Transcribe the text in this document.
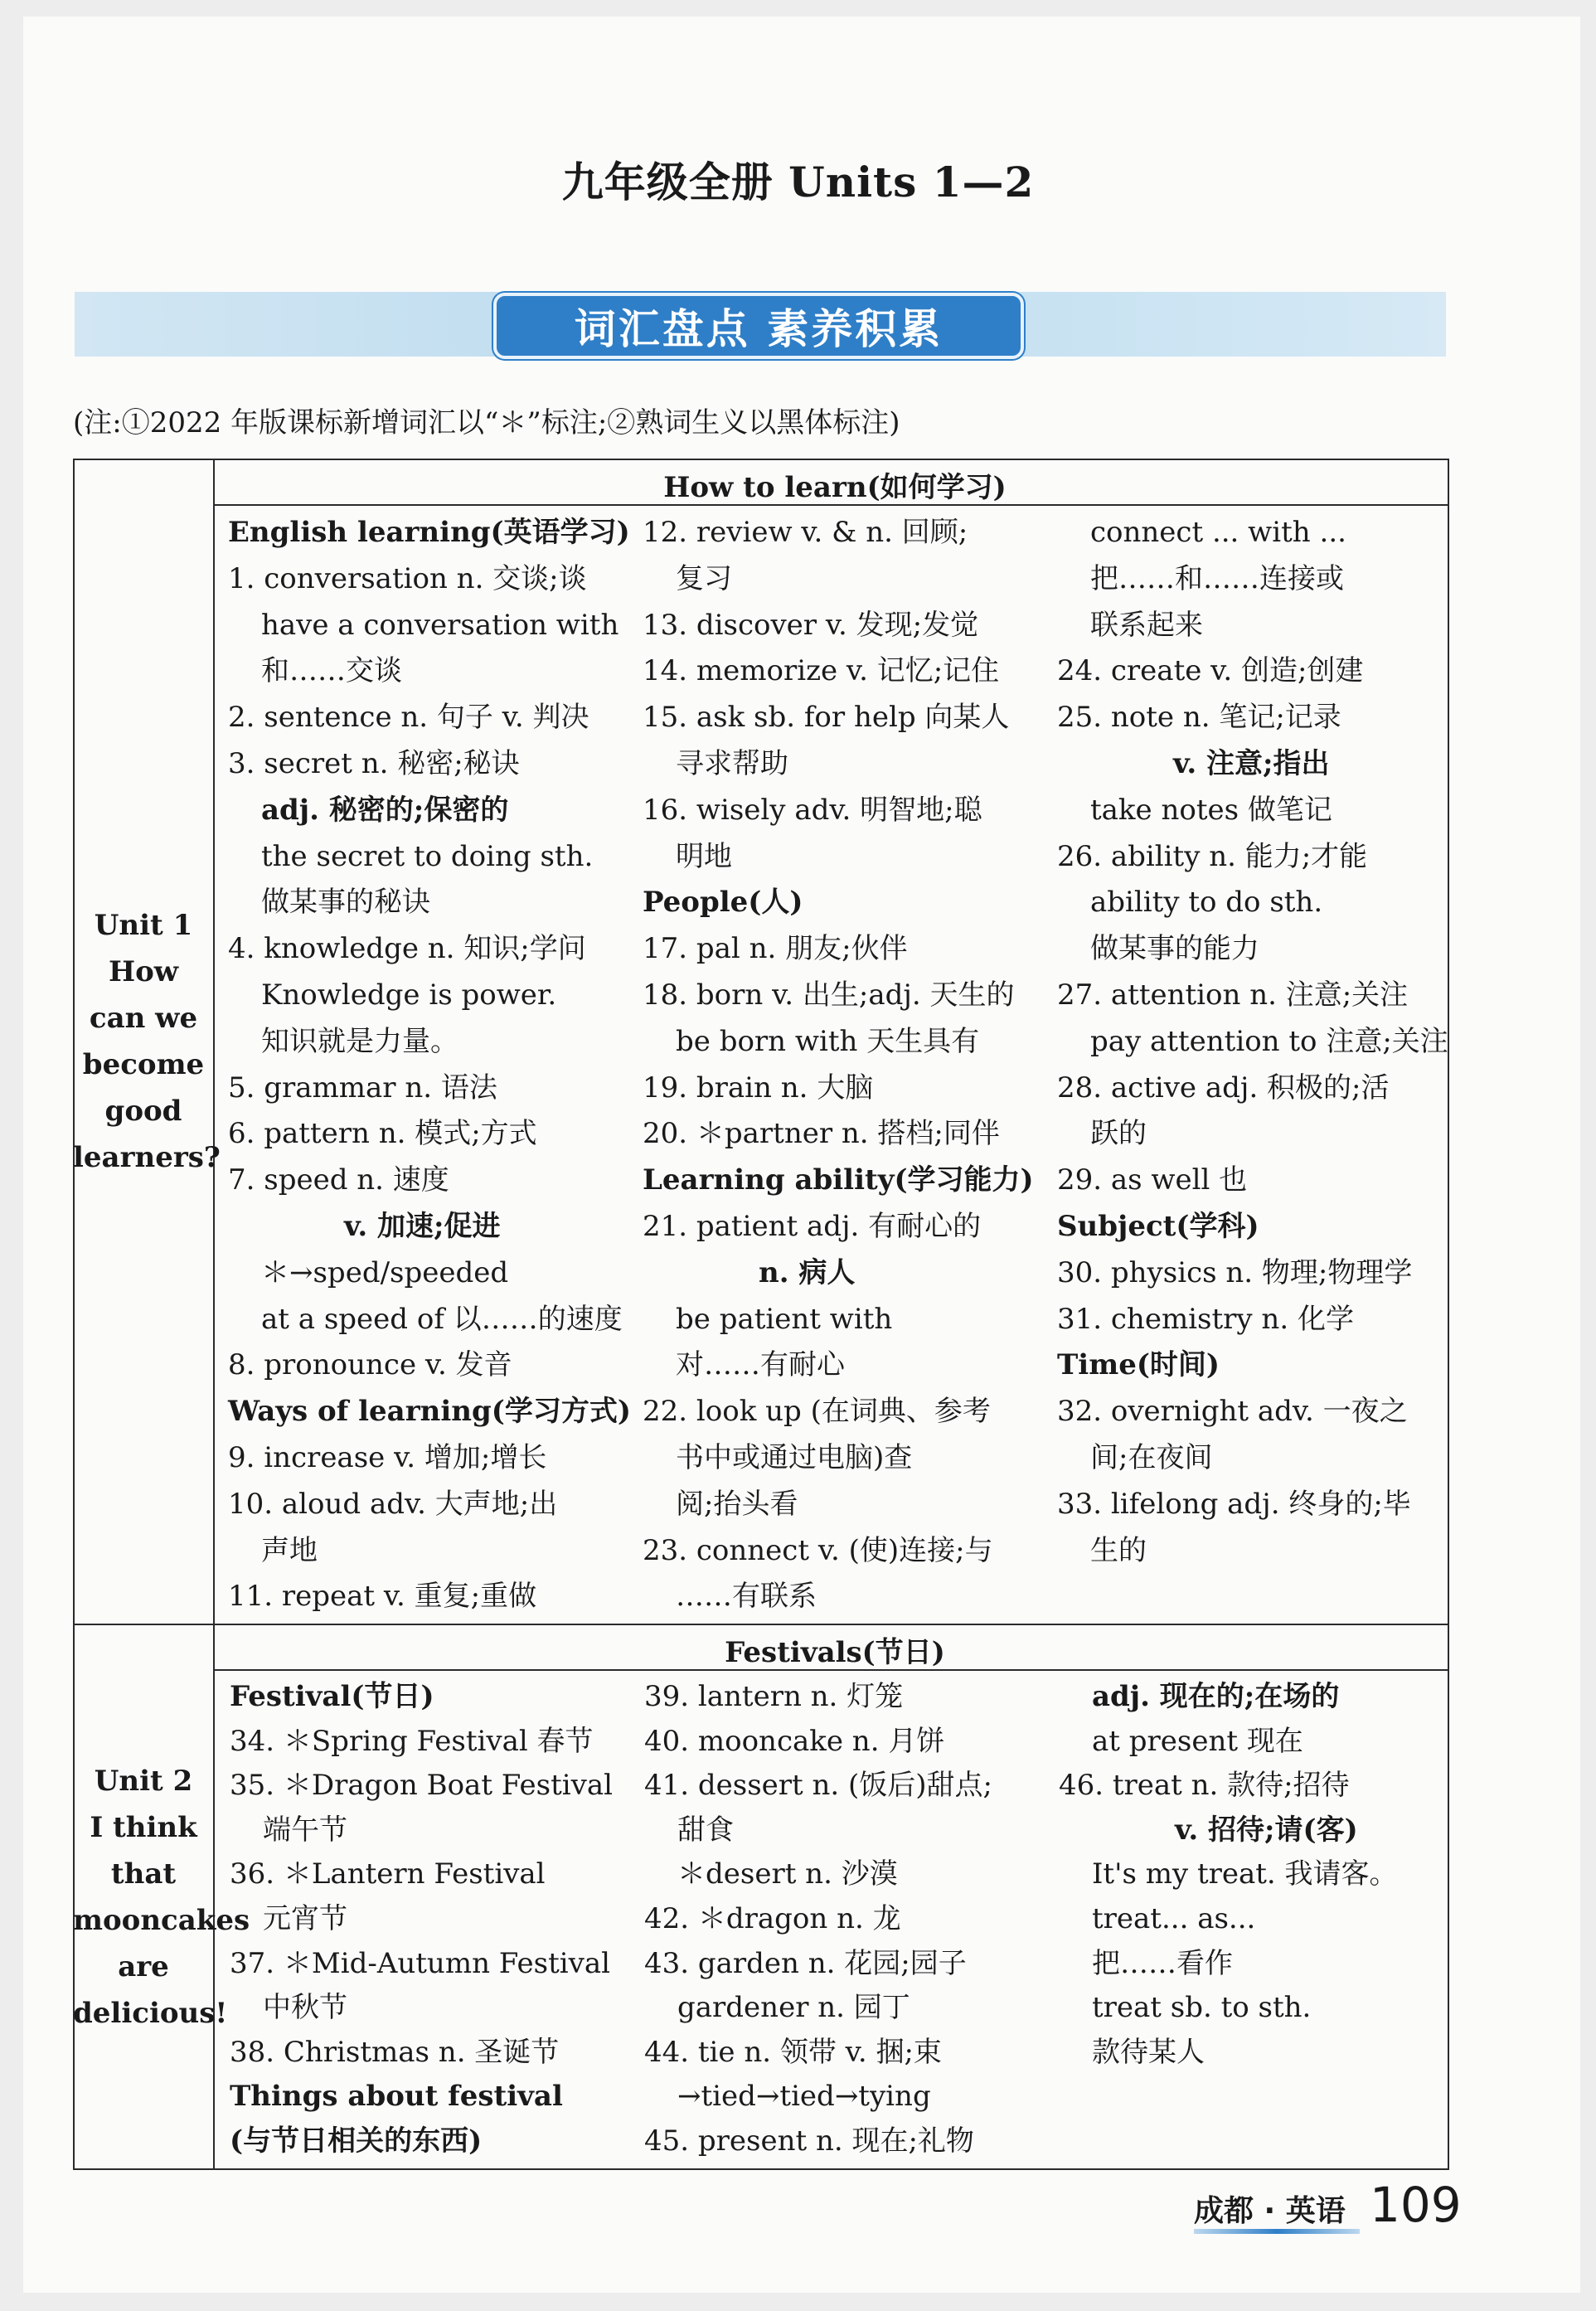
九年级全册 Units 1—2
词汇盘点 素养积累
(注:①2022 年版课标新增词汇以“＊”标注;②熟词生义以黑体标注)
Unit 1
How
can we
become
good
learners?
How to learn(如何学习)
English learning(英语学习)
1. conversation n. 交谈;谈
have a conversation with
和……交谈
2. sentence n. 句子 v. 判决
3. secret n. 秘密;秘诀
adj. 秘密的;保密的
the secret to doing sth.
做某事的秘诀
4. knowledge n. 知识;学问
Knowledge is power.
知识就是力量。
5. grammar n. 语法
6. pattern n. 模式;方式
7. speed n. 速度
v. 加速;促进
＊→sped/speeded
at a speed of 以……的速度
8. pronounce v. 发音
Ways of learning(学习方式)
9. increase v. 增加;增长
10. aloud adv. 大声地;出
声地
11. repeat v. 重复;重做
12. review v. & n. 回顾;
复习
13. discover v. 发现;发觉
14. memorize v. 记忆;记住
15. ask sb. for help 向某人
寻求帮助
16. wisely adv. 明智地;聪
明地
People(人)
17. pal n. 朋友;伙伴
18. born v. 出生;adj. 天生的
be born with 天生具有
19. brain n. 大脑
20. ＊partner n. 搭档;同伴
Learning ability(学习能力)
21. patient adj. 有耐心的
n. 病人
be patient with
对……有耐心
22. look up (在词典、参考
书中或通过电脑)查
阅;抬头看
23. connect v. (使)连接;与
……有联系
connect ... with ...
把……和……连接或
联系起来
24. create v. 创造;创建
25. note n. 笔记;记录
v. 注意;指出
take notes 做笔记
26. ability n. 能力;才能
ability to do sth.
做某事的能力
27. attention n. 注意;关注
pay attention to 注意;关注
28. active adj. 积极的;活
跃的
29. as well 也
Subject(学科)
30. physics n. 物理;物理学
31. chemistry n. 化学
Time(时间)
32. overnight adv. 一夜之
间;在夜间
33. lifelong adj. 终身的;毕
生的
Unit 2
I think
that
mooncakes
are
delicious!
Festivals(节日)
Festival(节日)
34. ＊Spring Festival 春节
35. ＊Dragon Boat Festival
端午节
36. ＊Lantern Festival
元宵节
37. ＊Mid-Autumn Festival
中秋节
38. Christmas n. 圣诞节
Things about festival
(与节日相关的东西)
39. lantern n. 灯笼
40. mooncake n. 月饼
41. dessert n. (饭后)甜点;
甜食
＊desert n. 沙漠
42. ＊dragon n. 龙
43. garden n. 花园;园子
gardener n. 园丁
44. tie n. 领带 v. 捆;束
→tied→tied→tying
45. present n. 现在;礼物
adj. 现在的;在场的
at present 现在
46. treat n. 款待;招待
v. 招待;请(客)
It's my treat. 我请客。
treat... as...
把……看作
treat sb. to sth.
款待某人
成都 · 英语 109
